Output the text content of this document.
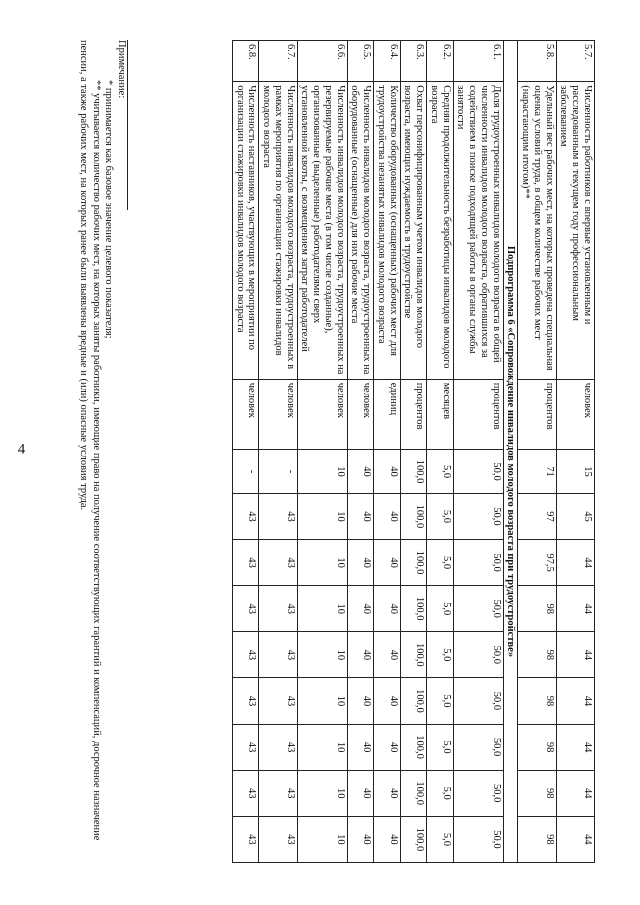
4
5.7.	Численность работников с впервые установленным и расследованным в текущем году профессиональным заболеванием	человек	15	45	44	44	44	44	44	44	44
5.8.	Удельный вес рабочих мест, на которых проведена специальная оценка условий труда, в общем количестве рабочих мест (нарастающим итогом)**	процентов	71	97	97,5	98	98	98	98	98	98
Подпрограмма 6 «Сопровождение инвалидов молодого возраста при трудоустройстве»											
6.1.	Доля трудоустроенных инвалидов молодого возраста в общей численности инвалидов молодого возраста, обратившихся за содействием в поиске подходящей работы в органы службы занятости	процентов	50,0	50,0	50,0	50,0	50,0	50,0	50,0	50,0	50,0
6.2.	Средняя продолжительность безработицы инвалидов молодого возраста	месяцев	5,0	5,0	5,0	5,0	5,0	5,0	5,0	5,0	5,0
6.3.	Охват персонифицированным учетом инвалидов молодого возраста, имеющих нуждаемость в трудоустройстве	процентов	100,0	100,0	100,0	100,0	100,0	100,0	100,0	100,0	100,0
6.4.	Количество оборудованных (оснащенных) рабочих мест для трудоустройства незанятых инвалидов молодого возраста	единиц	40	40	40	40	40	40	40	40	40
6.5.	Численность инвалидов молодого возраста, трудоустроенных на оборудованные (оснащенные) для них рабочие места	человек	40	40	40	40	40	40	40	40	40
6.6.	Численность инвалидов молодого возраста, трудоустроенных на резервируемые рабочие места (в том числе созданные), организованные (выделенные) работодателями сверх установленной квоты, с возмещением затрат работодателей	человек	10	10	10	10	10	10	10	10	10
6.7.	Численность инвалидов молодого возраста, трудоустроенных в рамках мероприятия по организации стажировки инвалидов молодого возраста	человек	-	43	43	43	43	43	43	43	43
6.8.	Численность наставников, участвующих в мероприятии по организации стажировки инвалидов молодого возраста	человек	-	43	43	43	43	43	43	43	43
Примечание:
* принимается как базовое значение целевого показателя;
** учитывается количество рабочих мест, на которых заняты работники, имеющие право на получение соответствующих гарантий и компенсаций, досрочное назначение пенсии, а также рабочих мест, на которых ранее были выявлены вредные и (или) опасные условия труда.
